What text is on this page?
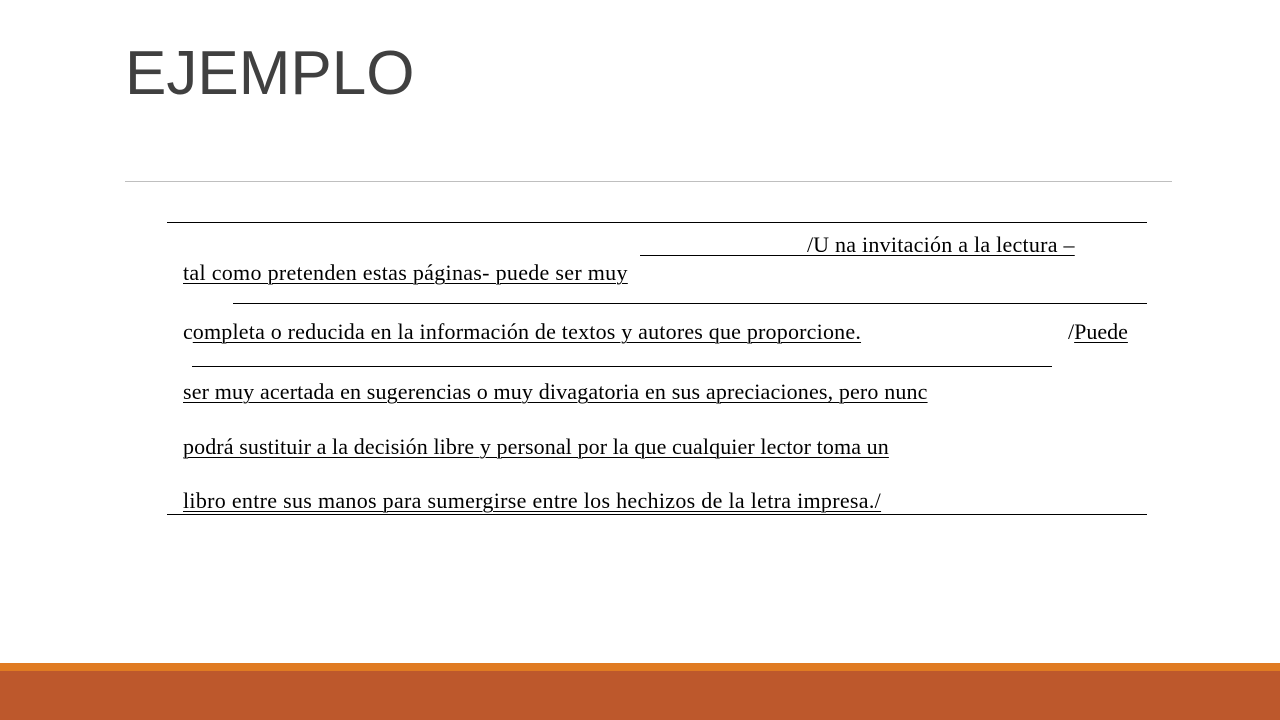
EJEMPLO

/U na invitación a la lectura –

tal como pretenden estas páginas- puede ser muy

completa o reducida en la información de textos y autores que proporcione.	/Puede

ser muy acertada en sugerencias o muy divagatoria en sus apreciaciones, pero nunc

podrá sustituir a la decisión libre y personal por la que cualquier lector toma un

libro entre sus manos para sumergirse entre los hechizos de la letra impresa./
